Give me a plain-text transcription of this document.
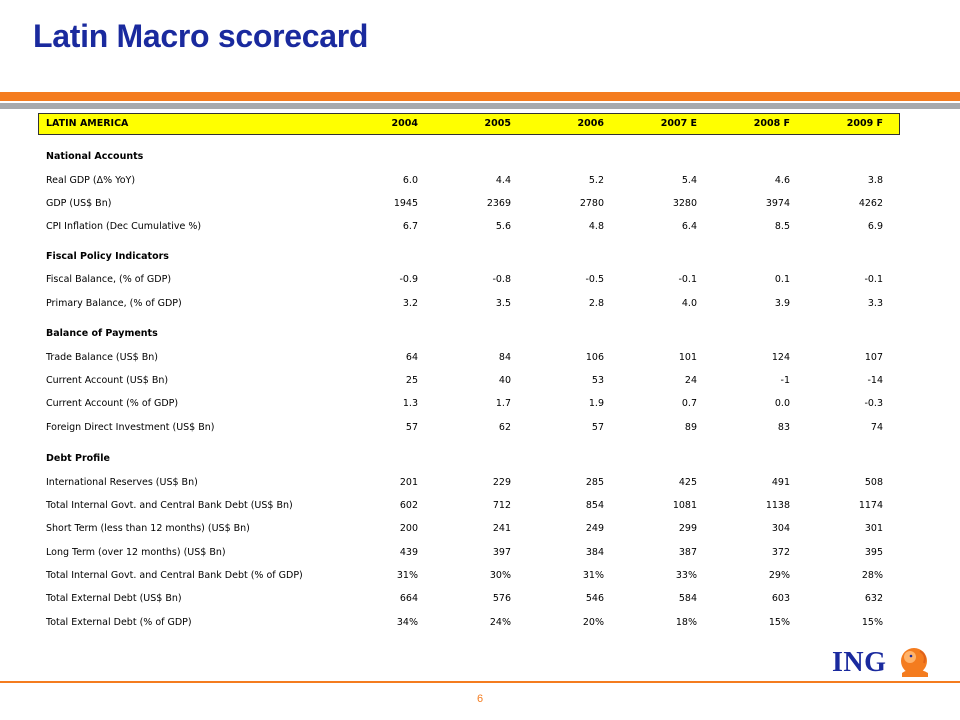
Latin Macro scorecard
LATIN AMERICA	2004	2005	2006	2007 E	2008 F	2009 F
National Accounts
Real GDP (Δ% YoY)	6.0	4.4	5.2	5.4	4.6	3.8
GDP (US$ Bn)	1945	2369	2780	3280	3974	4262
CPI Inflation (Dec Cumulative %)	6.7	5.6	4.8	6.4	8.5	6.9
Fiscal Policy Indicators
Fiscal Balance, (% of GDP)	-0.9	-0.8	-0.5	-0.1	0.1	-0.1
Primary Balance, (% of GDP)	3.2	3.5	2.8	4.0	3.9	3.3
Balance of Payments
Trade Balance (US$ Bn)	64	84	106	101	124	107
Current Account (US$ Bn)	25	40	53	24	-1	-14
Current Account (% of GDP)	1.3	1.7	1.9	0.7	0.0	-0.3
Foreign Direct Investment (US$ Bn)	57	62	57	89	83	74
Debt Profile
International Reserves (US$ Bn)	201	229	285	425	491	508
Total Internal Govt. and Central Bank Debt (US$ Bn)	602	712	854	1081	1138	1174
Short Term (less than 12 months) (US$ Bn)	200	241	249	299	304	301
Long Term (over 12 months) (US$ Bn)	439	397	384	387	372	395
Total Internal Govt. and Central Bank Debt (% of GDP)	31%	30%	31%	33%	29%	28%
Total External Debt (US$ Bn)	664	576	546	584	603	632
Total External Debt (% of GDP)	34%	24%	20%	18%	15%	15%
ING
6
